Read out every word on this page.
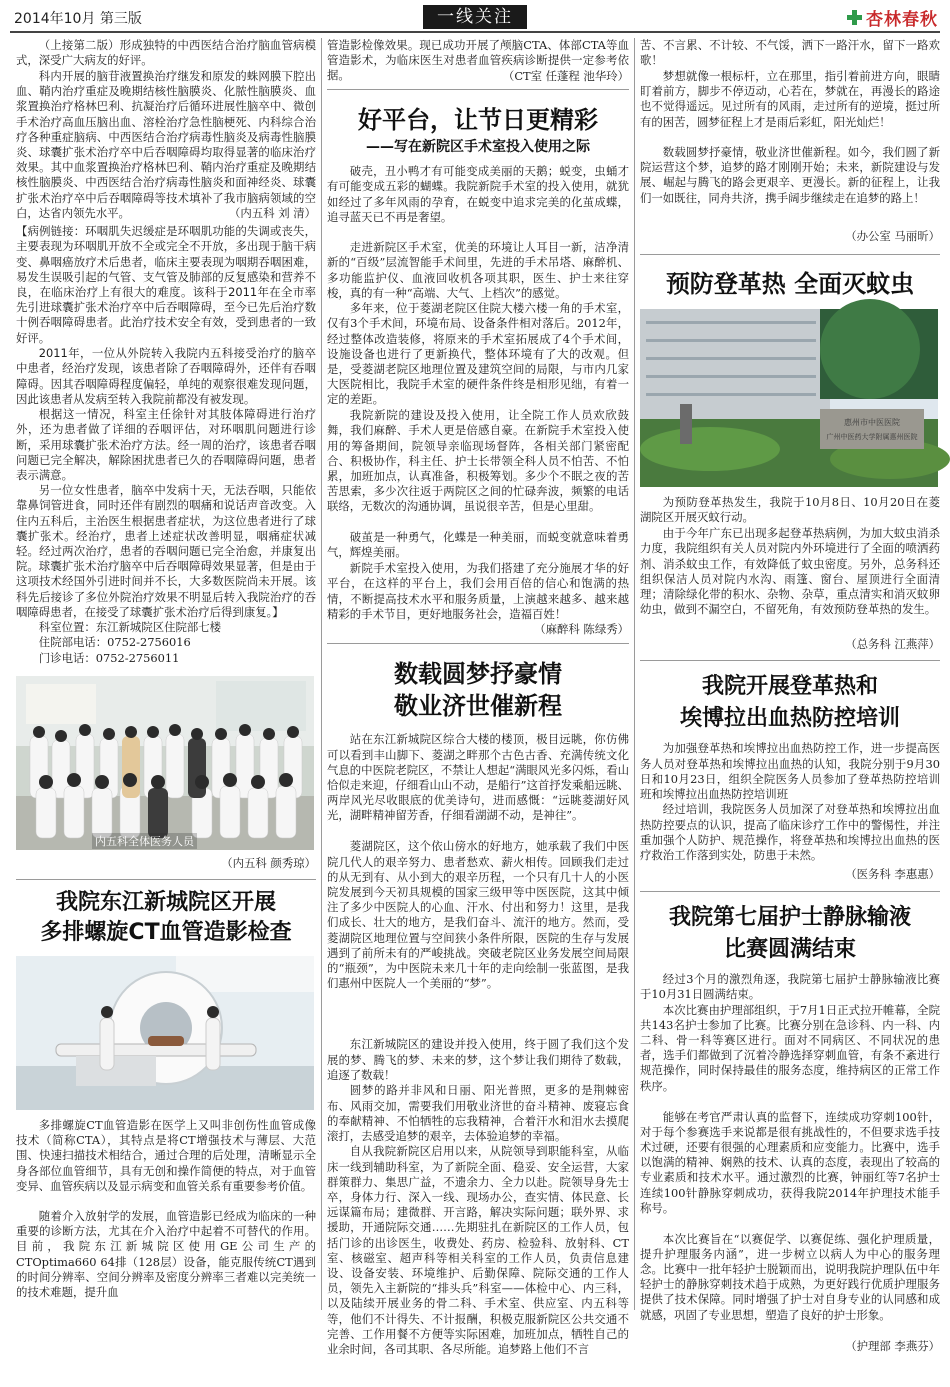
2014年10月 第三版	一线关注	杏林春秋

（上接第二版）形成独特的中西医结合治疗脑血管病模式，深受广大病友的好评。

科内开展的脑苷液置换治疗继发和原发的蛛网膜下腔出血、鞘内治疗重症及晚期结核性脑膜炎、化脓性脑膜炎、血浆置换治疗格林巴利、抗凝治疗后循环进展性脑卒中、微创手术治疗高血压脑出血、溶栓治疗急性脑梗死、内科综合治疗各种重症脑病、中西医结合治疗病毒性脑炎及病毒性脑膜炎、球囊扩张术治疗卒中后吞咽障碍均取得显著的临床治疗效果。其中血浆置换治疗格林巴利、鞘内治疗重症及晚期结核性脑膜炎、中西医结合治疗病毒性脑炎和面神经炎、球囊扩张术治疗卒中后吞咽障碍等技术填补了我市脑病领域的空白，达省内领先水平。	（内五科 刘 清）

【病例链接：环咽肌失迟缓症是环咽肌功能的失调或丧失，主要表现为环咽肌开放不全或完全不开放，多出现于脑干病变、鼻咽癌放疗术后患者，临床主要表现为咽期吞咽困难，易发生误吸引起的气管、支气管及肺部的反复感染和营养不良，在临床治疗上有很大的难度。该科于2011年在全市率先引进球囊扩张术治疗卒中后吞咽障碍，至今已先后治疗数十例吞咽障碍患者。此治疗技术安全有效，受到患者的一致好评。

2011年，一位从外院转入我院内五科接受治疗的脑卒中患者，经治疗发现，该患者除了吞咽障碍外，还伴有吞咽障碍。因其吞咽障碍程度偏轻，单纯的观察很难发现问题，因此该患者从发病至转入我院前都没有被发现。

根据这一情况，科室主任徐针对其肢体障碍进行治疗外，还为患者做了详细的吞咽评估，对环咽肌问题进行诊断，采用球囊扩张术治疗方法。经一周的治疗，该患者吞咽问题已完全解决，解除困扰患者已久的吞咽障碍问题，患者表示满意。

另一位女性患者，脑卒中发病十天，无法吞咽，只能依靠鼻饲管进食，同时还伴有剧烈的咽痛和说话声音改变。入住内五科后，主治医生根据患者症状，为这位患者进行了球囊扩张术。经治疗，患者上述症状改善明显，咽痛症状减轻。经过两次治疗，患者的吞咽问题已完全治愈，并康复出院。 球囊扩张术治疗脑卒中后吞咽障碍效果显著，但是由于这项技术经国外引进时间并不长，大多数医院尚未开展。该科先后接诊了多位外院治疗效果不明显后转入我院治疗的吞咽障碍患者，在接受了球囊扩张术治疗后得到康复。】

科室位置：东江新城院区住院部七楼

住院部电话：0752-2756016

门诊电话：0752-2756011

内五科全体医务人员

（内五科 颜秀琼）

我院东江新城院区开展

多排螺旋CT血管造影检查

多排螺旋CT血管造影在医学上又叫非创伤性血管成像技术（简称CTA），其特点是将CT增强技术与薄层、大范围、快速扫描技术相结合，通过合理的后处理，清晰显示全身各部位血管细节，具有无创和操作简便的特点，对于血管变异、血管疾病以及显示病变和血管关系有重要参考价值。

随着介入放射学的发展，血管造影已经成为临床的一种重要的诊断方法，尤其在介入治疗中起着不可替代的作用。目前，我院东江新城院区使用GE公司生产的CTOptima660 64排（128层）设备，能克服传统CT遇到的时间分辨率、空间分辨率及密度分辨率三者难以完美统一的技术难题，提升血

管造影检像效果。现已成功开展了颅脑CTA、体部CTA等血管造影术，为临床医生对患者血管疾病诊断提供一定参考依据。	（CT室 任蓬程 池华玲）

好平台，让节日更精彩

——写在新院区手术室投入使用之际

破壳，丑小鸭才有可能变成美丽的天鹅；蜕变，虫蛹才有可能变成五彩的蝴蝶。我院新院手术室的投入使用，就犹如经过了多年风雨的孕育，在蜕变中追求完美的化茧成蝶，追寻蓝天已不再是奢望。

走进新院区手术室，优美的环境让人耳目一新，洁净清新的“百级”层流智能手术间里，先进的手术吊塔、麻醉机、多功能监护仪、血液回收机各项其职，医生、护士来往穿梭，真的有一种“高端、大气、上档次”的感觉。

多年来，位于菱湖老院区住院大楼六楼一角的手术室，仅有3个手术间，环境布局、设备条件相对落后。2012年，经过整体改造装修，将原来的手术室拓展成了4个手术间，设施设备也进行了更新换代，整体环境有了大的改观。但是，受菱湖老院区地理位置及建筑空间的局限，与市内几家大医院相比，我院手术室的硬件条件终是相形见绌，有着一定的差距。

我院新院的建设及投入使用，让全院工作人员欢欣鼓舞，我们麻醉、手术人更是倍感自豪。在新院手术室投入使用的筹备期间，院领导亲临现场督阵，各相关部门紧密配合、积极协作，科主任、护士长带领全科人员不怕苦、不怕累，加班加点，认真准备，积极筹划。多少个不眠之夜的苦苦思索，多少次往返于两院区之间的忙碌奔波，频繁的电话联络，无数次的沟通协调，虽说很辛苦，但是心里甜。

破茧是一种勇气，化蝶是一种美丽，而蜕变就意味着勇气，辉煌美丽。

新院手术室投入使用，为我们搭建了充分施展才华的好平台，在这样的平台上，我们会用百倍的信心和饱满的热情，不断提高技术水平和服务质量，上演越来越多、越来越精彩的手术节目，更好地服务社会，造福百姓！

（麻醉科 陈绿秀）

数载圆梦抒豪情

敬业济世催新程

站在东江新城院区综合大楼的楼顶，极目远眺，你仿佛可以看到丰山脚下、菱湖之畔那个古色古香、充满传统文化气息的中医院老院区，不禁让人想起“满眼风光多闪烁，看山恰似走来迎，仔细看山山不动，是船行”这首抒发乘船远眺、两岸风光尽收眼底的优美诗句，进而感慨：“远眺菱湖好风光，湖畔精神留芳香，仔细看湖湖不动，是神往”。

菱湖院区，这个依山傍水的好地方，她承载了我们中医院几代人的艰辛努力、患者愁欢、薪火相传。回顾我们走过的从无到有、从小到大的艰辛历程，一个只有几十人的小医院发展到今天初具规模的国家三级甲等中医医院，这其中倾注了多少中医院人的心血、汗水、付出和努力！这里，是我们成长、壮大的地方，是我们奋斗、流汗的地方。然而，受菱湖院区地理位置与空间狭小条件所限，医院的生存与发展遇到了前所未有的严峻挑战。突破老院区业务发展空间局限的“瓶颈”，为中医院未来几十年的走向绘制一张蓝图，是我们惠州中医院人一个美丽的“梦”。

东江新城院区的建设并投入使用，终于圆了我们这个发展的梦、腾飞的梦、未来的梦，这个梦让我们期待了数载，追逐了数载！

圆梦的路并非风和日丽、阳光普照，更多的是荆棘密布、风雨交加，需要我们用敬业济世的奋斗精神、废寝忘食的奉献精神、不怕牺牲的忘我精神，合着汗水和泪水去摸爬滚打，去感受追梦的艰辛，去体验追梦的幸福。

自从我院新院区启用以来，从院领导到职能科室，从临床一线到辅助科室，为了新院全面、稳妥、安全运营，大家群策群力、集思广益，不遗余力、全力以赴。院领导身先士卒，身体力行、深入一线、现场办公，查实情、体民意、长远谋篇布局；建微群、开言路，解决实际问题；联外界、求援助，开通院际交通……先期驻扎在新院区的工作人员，包括门诊的出诊医生，收费处、药房、检验科、放射科、CT室、核磁室、超声科等相关科室的工作人员，负责信息建设、设备安装、环境维护、后勤保障、院际交通的工作人员，领先入主新院的“排头兵”科室——体检中心、内三科，以及陆续开展业务的骨二科、手术室、供应室、内五科等等，他们不计得失、不计报酬，积极克服新院区公共交通不完善、工作用餐不方便等实际困难，加班加点，牺牲自己的业余时间，各司其职、各尽所能。追梦路上他们不言

苦、不言累、不计较、不气馁，洒下一路汗水，留下一路欢歌！

梦想就像一根标杆，立在那里，指引着前进方向，眼睛盯着前方，脚步不停迈动，心若在，梦就在，再漫长的路途也不觉得遥远。见过所有的风雨，走过所有的逆境，挺过所有的困苦，圆梦征程上才是雨后彩虹，阳光灿烂！

数载圆梦抒豪情，敬业济世催新程。如今，我们圆了新院运营这个梦，追梦的路才刚刚开始；未来，新院建设与发展、崛起与腾飞的路会更艰辛、更漫长。新的征程上，让我们一如既往，同舟共济，携手阔步继续走在追梦的路上！

（办公室 马丽昕）

预防登革热 全面灭蚊虫

惠州市中医医院
广州中医药大学附属惠州医院

为预防登革热发生，我院于10月8日、10月20日在菱湖院区开展灭蚊行动。

由于今年广东已出现多起登革热病例，为加大蚊虫消杀力度，我院组织有关人员对院内外环境进行了全面的喷洒药剂、消杀蚊虫工作，有效降低了蚊虫密度。另外，总务科还组织保洁人员对院内水沟、雨篷、窗台、屋顶进行全面清理；清除绿化带的积水、杂物、杂草，重点清实和消灭蚊卵幼虫，做到不漏空白，不留死角，有效预防登革热的发生。

（总务科 江燕萍）

我院开展登革热和

埃博拉出血热防控培训

为加强登革热和埃博拉出血热防控工作，进一步提高医务人员对登革热和埃博拉出血热的认知，我院分别于9月30日和10月23日，组织全院医务人员参加了登革热防控培训班和埃博拉出血热防控培训班

经过培训，我院医务人员加深了对登革热和埃博拉出血热防控要点的认识，提高了临床诊疗工作中的警惕性，并注重加强个人防护、规范操作，将登革热和埃博拉出血热的医疗救治工作落到实处，防患于未然。

（医务科 李惠惠）

我院第七届护士静脉输液

比赛圆满结束

经过3个月的激烈角逐，我院第七届护士静脉输液比赛于10月31日圆满结束。

本次比赛由护理部组织，于7月1日正式拉开帷幕，全院共143名护士参加了比赛。比赛分别在急诊科、内一科、内二科、骨一科等赛区进行。面对不同病区、不同状况的患者，选手们都做到了沉着冷静选择穿刺血管，有条不紊进行规范操作，同时保持最佳的服务态度，维持病区的正常工作秩序。

能够在考官严肃认真的监督下，连续成功穿刺100针，对于每个参赛选手来说都是很有挑战性的，不但要求选手技术过硬，还要有很强的心理素质和应变能力。比赛中，选手以饱满的精神、娴熟的技术、认真的态度，表现出了较高的专业素质和技术水平。通过激烈的比赛，钟丽红等7名护士连续100针静脉穿刺成功，获得我院2014年护理技术能手称号。

本次比赛旨在“以赛促学、以赛促练、强化护理质量，提升护理服务内涵”，进一步树立以病人为中心的服务理念。比赛中一批年轻护士脱颖而出，说明我院护理队伍中年轻护士的静脉穿刺技术趋于成熟，为更好践行优质护理服务提供了技术保障。同时增强了护士对自身专业的认同感和成就感，巩固了专业思想，塑造了良好的护士形象。

（护理部 李燕芬）
